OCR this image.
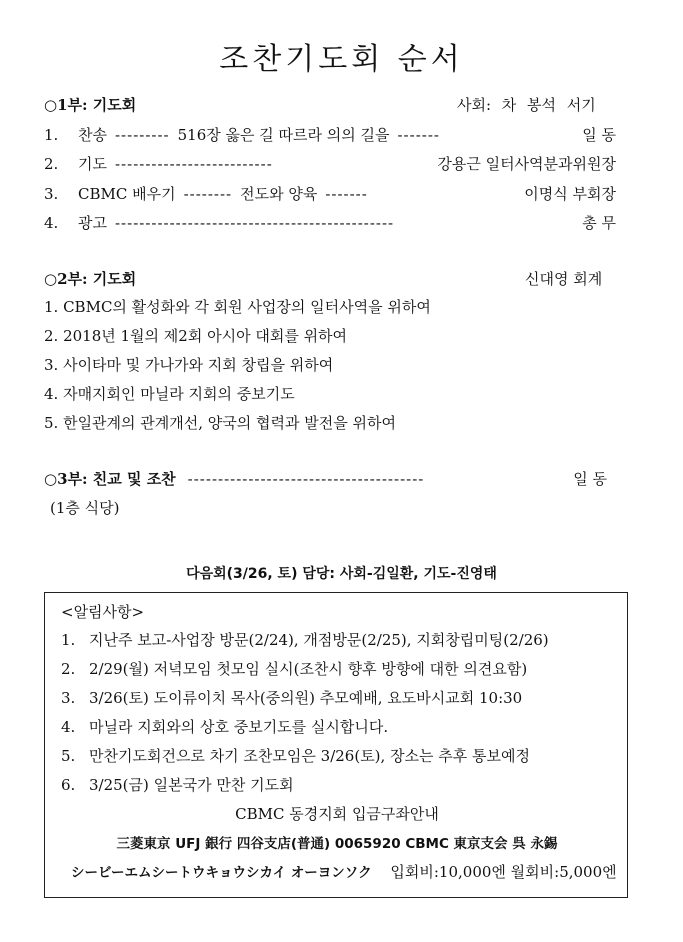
조찬기도회 순서
○1부: 기도회	사회: 차 봉석 서기
1.	찬송 --------- 516장 옳은 길 따르라 의의 길을 -------	일 동
2.	기도 --------------------------	강용근 일터사역분과위원장
3.	CBMC 배우기 -------- 전도와 양육 -------	이명식 부회장
4.	광고 ----------------------------------------------	총 무
○2부: 기도회	신대영 회계
1. CBMC의 활성화와 각 회원 사업장의 일터사역을 위하여
2. 2018년 1월의 제2회 아시아 대회를 위하여
3. 사이타마 및 가나가와 지회 창립을 위하여
4. 자매지회인 마닐라 지회의 중보기도
5. 한일관계의 관계개선, 양국의 협력과 발전을 위하여
○3부: 친교 및 조찬 ---------------------------------------	일 동
(1층 식당)
다음회(3/26, 토) 담당: 사회-김일환, 기도-진영태
<알림사항>
1. 지난주 보고-사업장 방문(2/24), 개점방문(2/25), 지회창립미팅(2/26)
2. 2/29(월) 저녁모임 첫모임 실시(조찬시 향후 방향에 대한 의견요함)
3. 3/26(토) 도이류이치 목사(중의원) 추모예배, 요도바시교회 10:30
4. 마닐라 지회와의 상호 중보기도를 실시합니다.
5. 만찬기도회건으로 차기 조찬모임은 3/26(토), 장소는 추후 통보예정
6. 3/25(금) 일본국가 만찬 기도회
CBMC 동경지회 입금구좌안내
三菱東京 UFJ 銀行 四谷支店(普通) 0065920 CBMC 東京支会 呉 永錫
シービーエムシートウキョウシカイ オーヨンソク 입회비:10,000엔 월회비:5,000엔
